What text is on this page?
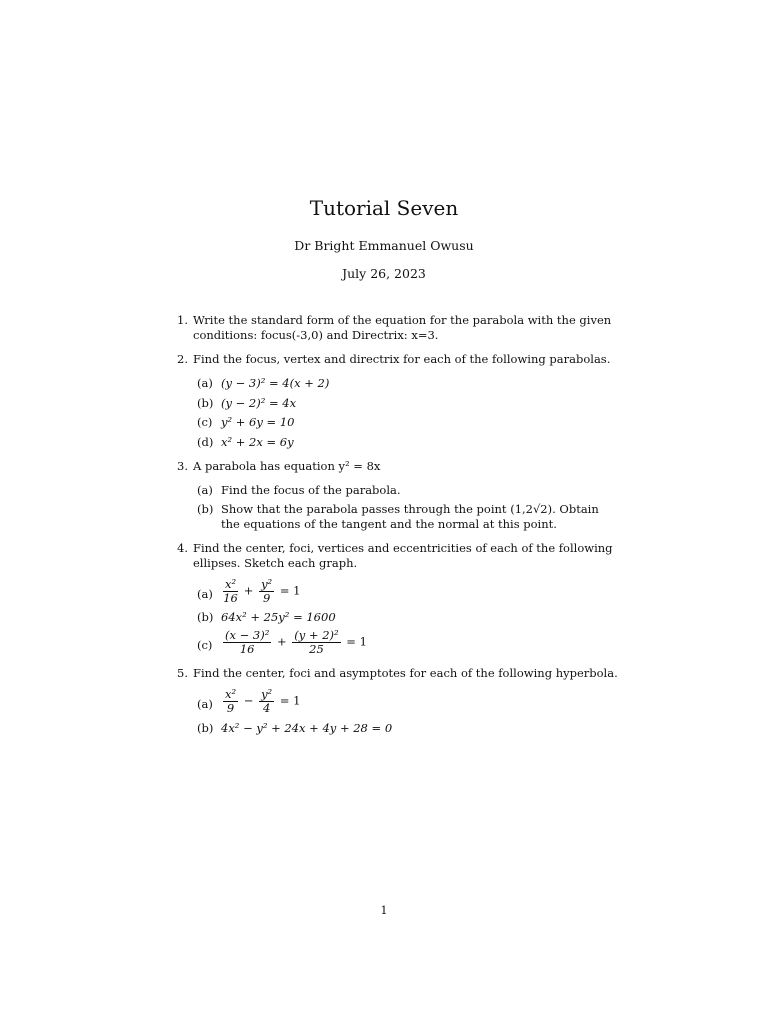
Tutorial Seven
Dr Bright Emmanuel Owusu
July 26, 2023
1. Write the standard form of the equation for the parabola with the given
conditions: focus(-3,0) and Directrix: x=3.
2. Find the focus, vertex and directrix for each of the following parabolas.
(a) (y − 3)² = 4(x + 2)
(b) (y − 2)² = 4x
(c) y² + 6y = 10
(d) x² + 2x = 6y
3. A parabola has equation y² = 8x
(a) Find the focus of the parabola.
(b) Show that the parabola passes through the point (1,2√2). Obtain
the equations of the tangent and the normal at this point.
4. Find the center, foci, vertices and eccentricities of each of the following
ellipses. Sketch each graph.
$(a) \frac{\text{x²}}{16} + \frac{\text{y²}}{9} = 1$
(b) 64x² + 25y² = 1600
$(c) \frac{\text{(x − 3)²}}{16} + \frac{\text{(y + 2)²}}{25} = 1$
5. Find the center, foci and asymptotes for each of the following hyperbola.
$(a) \frac{\text{x²}}{9} - \frac{\text{y²}}{4} = 1$
(b) 4x² − y² + 24x + 4y + 28 = 0
1
